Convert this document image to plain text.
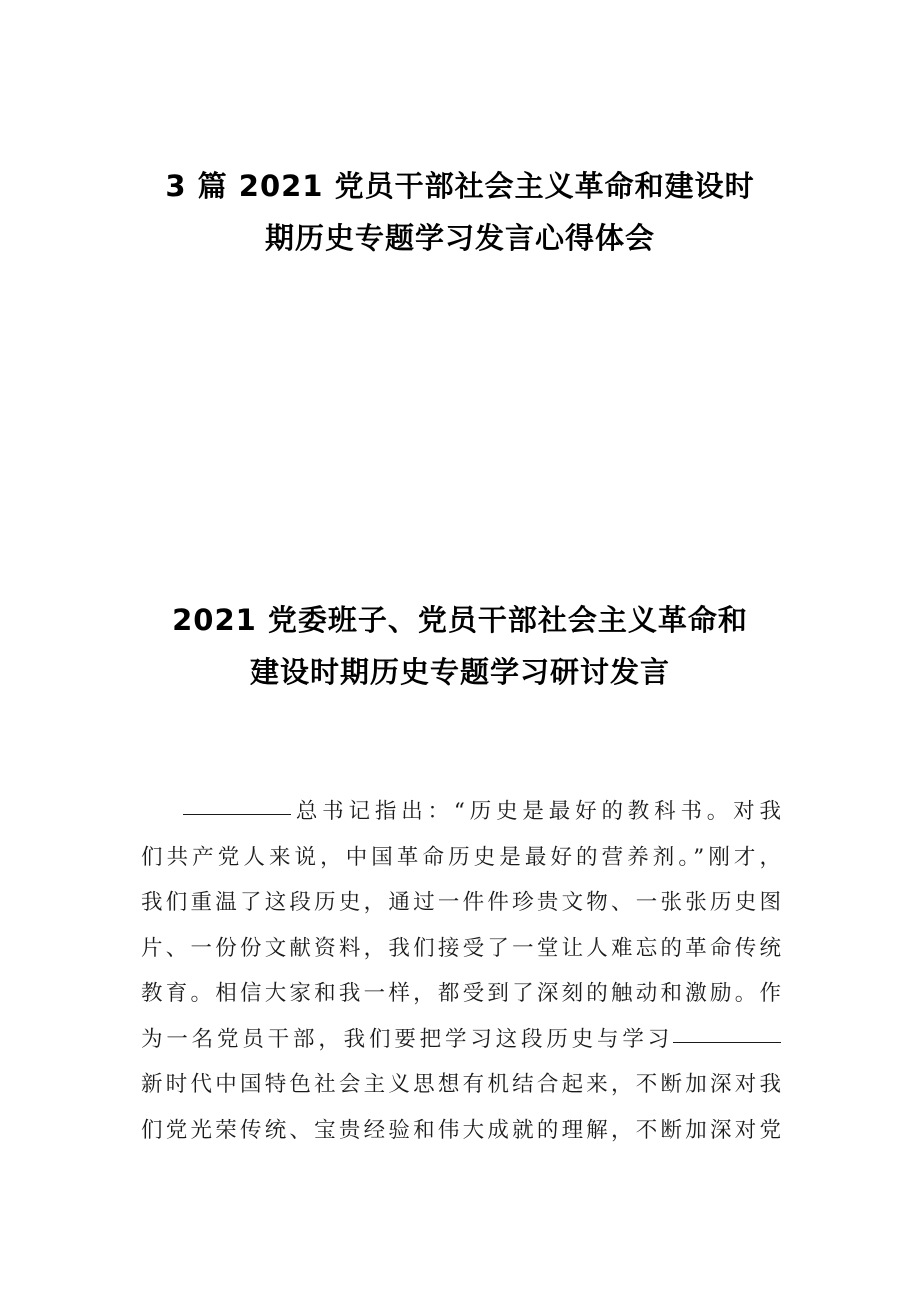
3 篇 2021 党员干部社会主义革命和建设时
期历史专题学习发言心得体会
2021 党委班子、党员干部社会主义革命和
建设时期历史专题学习研讨发言
总书记指出：“历史是最好的教科书。对我
们共产党人来说，中国革命历史是最好的营养剂。”刚才，
我们重温了这段历史，通过一件件珍贵文物、一张张历史图
片、一份份文献资料，我们接受了一堂让人难忘的革命传统
教育。相信大家和我一样，都受到了深刻的触动和激励。作
为一名党员干部，我们要把学习这段历史与学习
新时代中国特色社会主义思想有机结合起来，不断加深对我
们党光荣传统、宝贵经验和伟大成就的理解，不断加深对党
